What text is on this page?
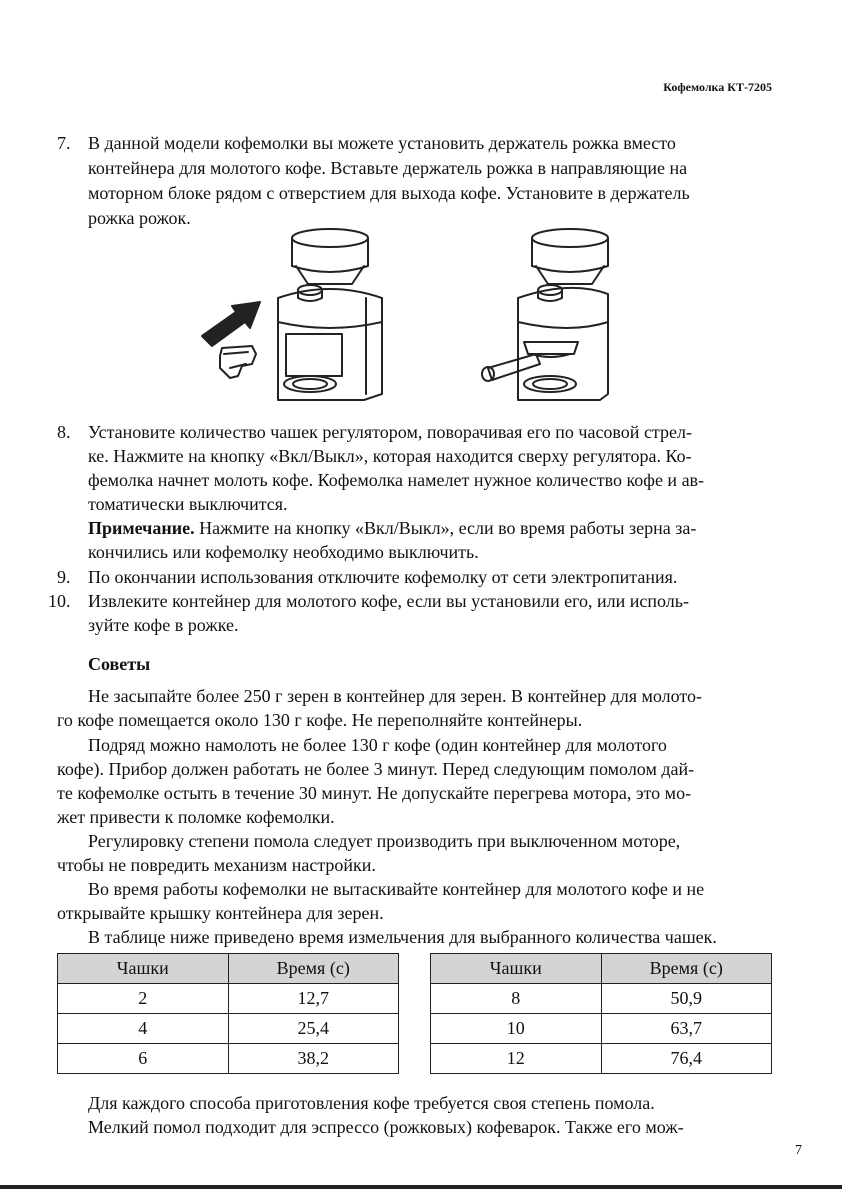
Кофемолка КТ-7205
7. В данной модели кофемолки вы можете установить держатель рожка вместо
контейнера для молотого кофе. Вставьте держатель рожка в направляющие на
моторном блоке рядом с отверстием для выхода кофе. Установите в держатель
рожка рожок.
8. Установите количество чашек регулятором, поворачивая его по часовой стрел-
ке. Нажмите на кнопку «Вкл/Выкл», которая находится сверху регулятора. Ко-
фемолка начнет молоть кофе. Кофемолка намелет нужное количество кофе и ав-
томатически выключится.
Примечание. Нажмите на кнопку «Вкл/Выкл», если во время работы зерна за-
кончились или кофемолку необходимо выключить.
9. По окончании использования отключите кофемолку от сети электропитания.
10. Извлеките контейнер для молотого кофе, если вы установили его, или исполь-
зуйте кофе в рожке.
Советы
Не засыпайте более 250 г зерен в контейнер для зерен. В контейнер для молото-
го кофе помещается около 130 г кофе. Не переполняйте контейнеры.
Подряд можно намолоть не более 130 г кофе (один контейнер для молотого
кофе). Прибор должен работать не более 3 минут. Перед следующим помолом дай-
те кофемолке остыть в течение 30 минут. Не допускайте перегрева мотора, это мо-
жет привести к поломке кофемолки.
Регулировку степени помола следует производить при выключенном моторе,
чтобы не повредить механизм настройки.
Во время работы кофемолки не вытаскивайте контейнер для молотого кофе и не
открывайте крышку контейнера для зерен.
В таблице ниже приведено время измельчения для выбранного количества чашек.
Чашки	Время (с)
2	12,7
4	25,4
6	38,2
Чашки	Время (с)
8	50,9
10	63,7
12	76,4
Для каждого способа приготовления кофе требуется своя степень помола.
Мелкий помол подходит для эспрессо (рожковых) кофеварок. Также его мож-
7
